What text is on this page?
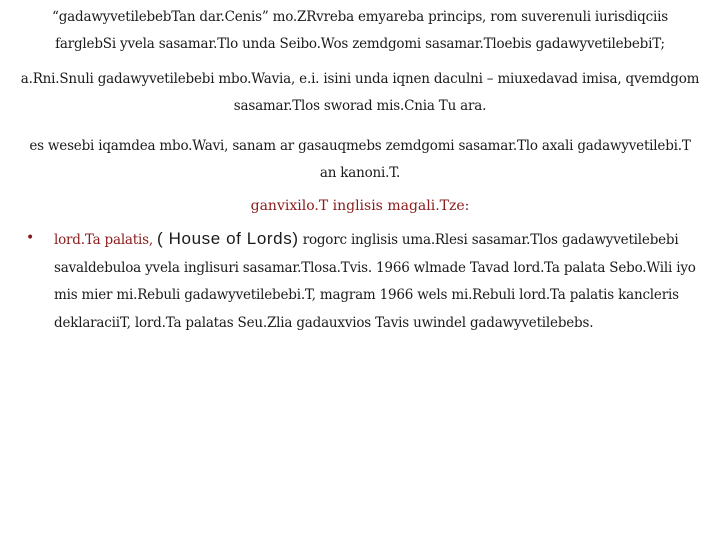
“gadawyvetilebebTan dar.Cenis” mo.ZRvreba emyareba princips, rom suverenuli iurisdiqciis farglebSi yvela sasamar.Tlo unda Seibo.Wos zemdgomi sasamar.Tloebis gadawyvetilebebiT;
a.Rni.Snuli gadawyvetilebebi mbo.Wavia, e.i. isini unda iqnen daculni – miuxedavad imisa, qvemdgom sasamar.Tlos sworad mis.Cnia Tu ara.
es wesebi iqamdea mbo.Wavi, sanam ar gasauqmebs zemdgomi sasamar.Tlo axali gadawyvetilebi.T an kanoni.T.
ganvixilo.T inglisis magali.Tze:
• lord.Ta palatis, ( House of Lords) rogorc inglisis uma.Rlesi sasamar.Tlos gadawyvetilebebi savaldebuloa yvela inglisuri sasamar.Tlosa.Tvis. 1966 wlmade Tavad lord.Ta palata Sebo.Wili iyo mis mier mi.Rebuli gadawyvetilebebi.T, magram 1966 wels mi.Rebuli lord.Ta palatis kancleris deklaraciiT, lord.Ta palatas Seu.Zlia gadauxvios Tavis uwindel gadawyvetilebebs.
